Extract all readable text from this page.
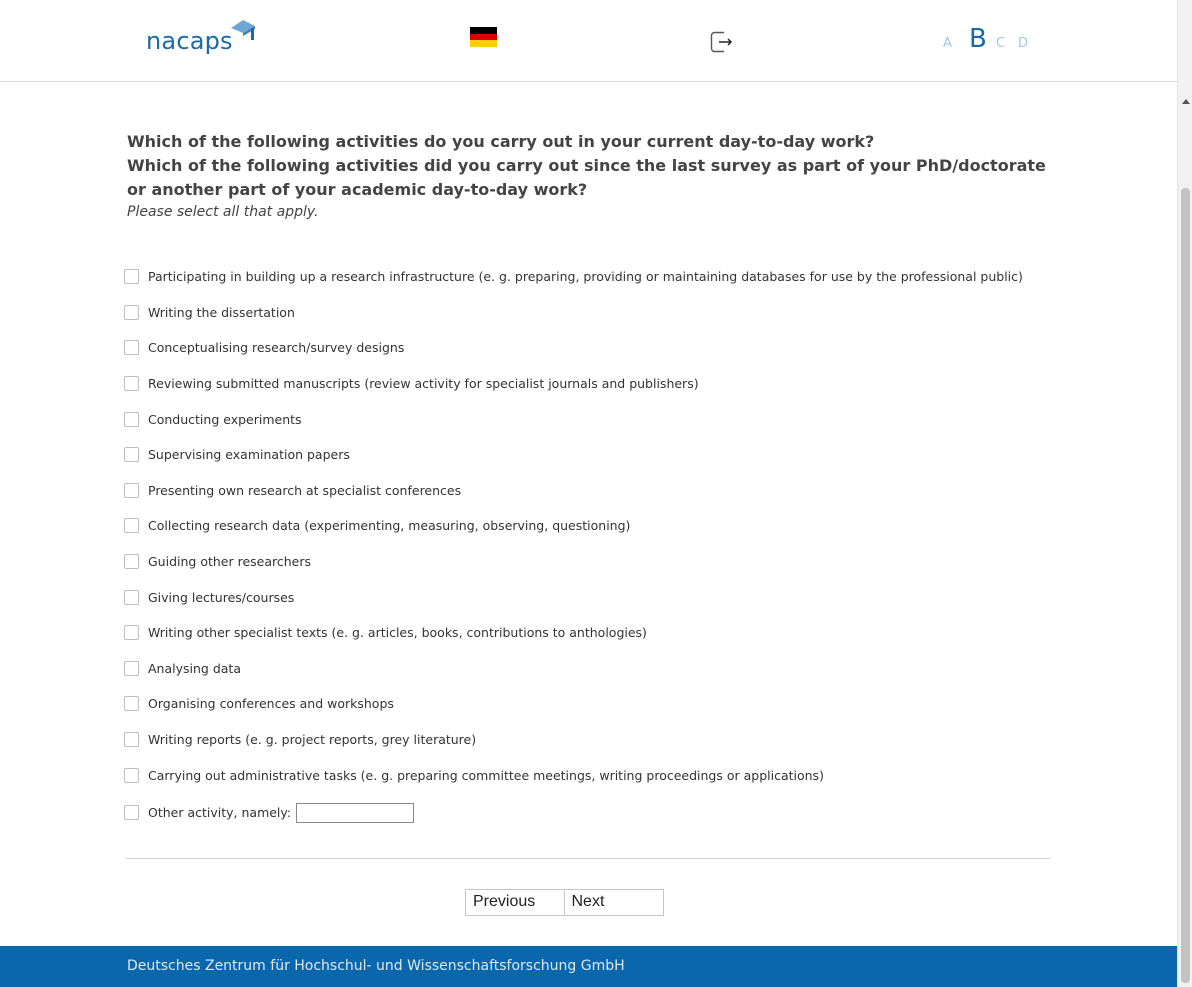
nacaps	A B C D

Which of the following activities do you carry out in your current day-to-day work?

Which of the following activities did you carry out since the last survey as part of your PhD/doctorate or another part of your academic day-to-day work?

Please select all that apply.
Participating in building up a research infrastructure (e. g. preparing, providing or maintaining databases for use by the professional public)
Writing the dissertation
Conceptualising research/survey designs
Reviewing submitted manuscripts (review activity for specialist journals and publishers)
Conducting experiments
Supervising examination papers
Presenting own research at specialist conferences
Collecting research data (experimenting, measuring, observing, questioning)
Guiding other researchers
Giving lectures/courses
Writing other specialist texts (e. g. articles, books, contributions to anthologies)
Analysing data
Organising conferences and workshops
Writing reports (e. g. project reports, grey literature)
Carrying out administrative tasks (e. g. preparing committee meetings, writing proceedings or applications)
Other activity, namely:
Previous	Next
Deutsches Zentrum für Hochschul- und Wissenschaftsforschung GmbH
